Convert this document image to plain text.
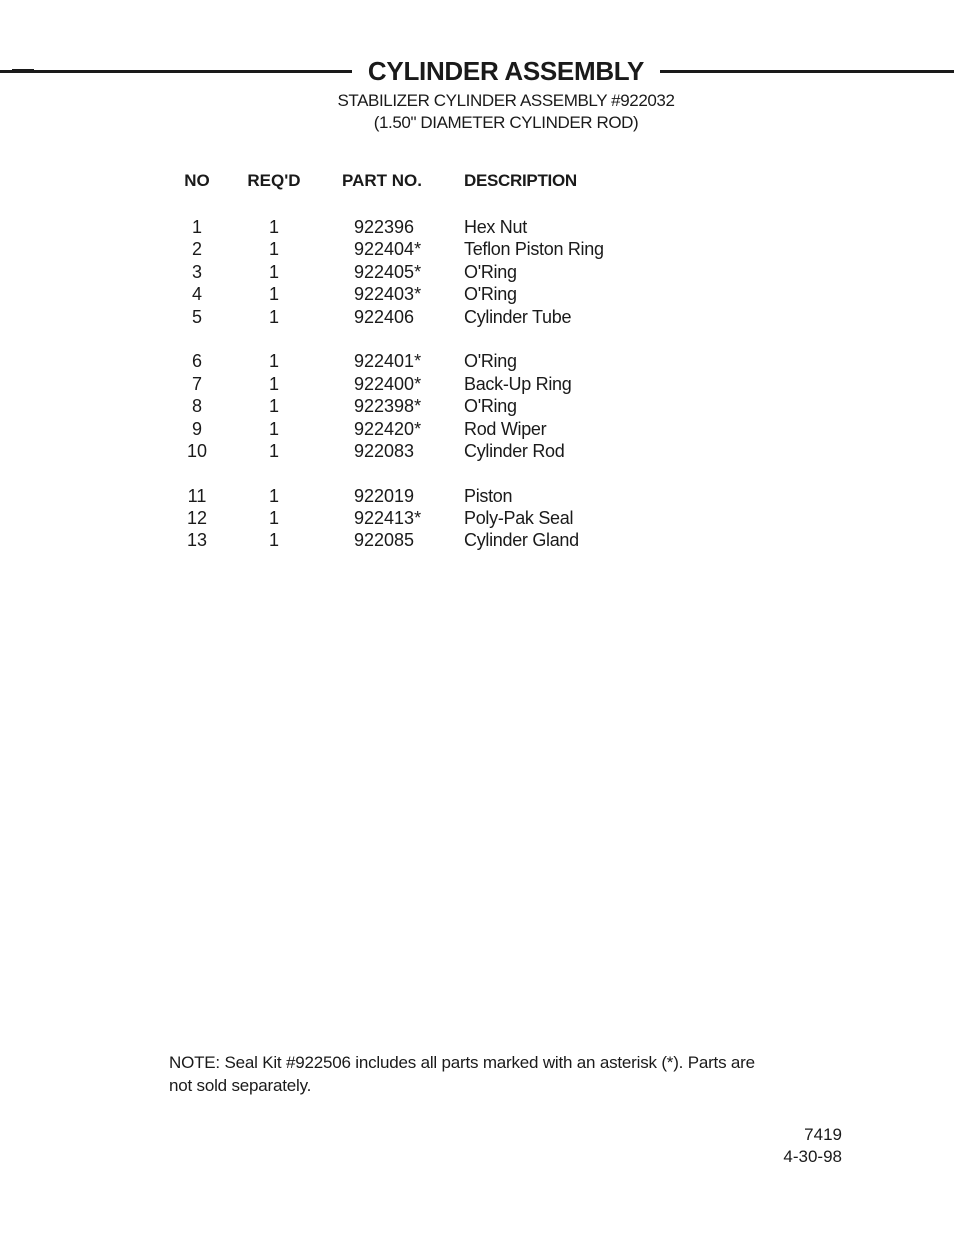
CYLINDER ASSEMBLY
STABILIZER CYLINDER ASSEMBLY #922032
(1.50" DIAMETER CYLINDER ROD)
NO	REQ'D	PART NO.	DESCRIPTION
1	1	922396	Hex Nut
2	1	922404*	Teflon Piston Ring
3	1	922405*	O'Ring
4	1	922403*	O'Ring
5	1	922406	Cylinder Tube
6	1	922401*	O'Ring
7	1	922400*	Back-Up Ring
8	1	922398*	O'Ring
9	1	922420*	Rod Wiper
10	1	922083	Cylinder Rod
11	1	922019	Piston
12	1	922413*	Poly-Pak Seal
13	1	922085	Cylinder Gland
NOTE: Seal Kit #922506 includes all parts marked with an asterisk (*). Parts are
not sold separately.
7419
4-30-98
